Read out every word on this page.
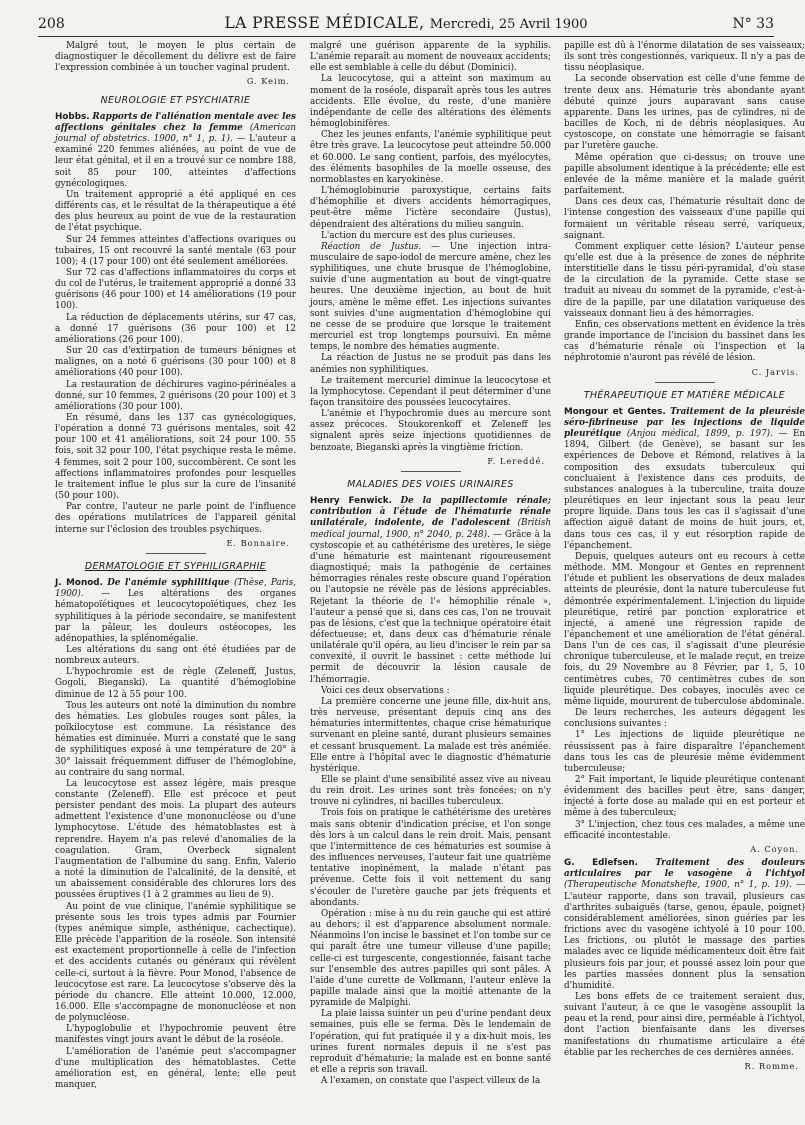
208	LA PRESSE MÉDICALE, Mercredi, 25 Avril 1900	N° 33

Malgré tout, le moyen le plus certain de diagnostiquer le décollement du délivre est de faire l'expression combinée à un toucher vaginal prudent.

G. Keim.

NEUROLOGIE ET PSYCHIATRIE

Hobbs. Rapports de l'aliénation mentale avec les affections génitales chez la femme (American journal of obstetrics. 1900, n° 1, p. 1). — L'auteur a examiné 220 femmes aliénées, au point de vue de leur état génital, et il en a trouvé sur ce nombre 188, soit 85 pour 100, atteintes d'affections gynécologiques.

Un traitement approprié a été appliqué en ces différents cas, et le résultat de la thérapeutique a été des plus heureux au point de vue de la restauration de l'état psychique.

Sur 24 femmes atteintes d'affections ovariques ou tubaires, 15 ont recouvré la santé mentale (63 pour 100); 4 (17 pour 100) ont été seulement améliorées.

Sur 72 cas d'affections inflammatoires du corps et du col de l'utérus, le traitement approprié a donné 33 guérisons (46 pour 100) et 14 améliorations (19 pour 100).

La réduction de déplacements utérins, sur 47 cas, a donné 17 guérisons (36 pour 100) et 12 améliorations (26 pour 100).

Sur 20 cas d'extirpation de tumeurs bénignes et malignes, on a noté 6 guérisons (30 pour 100) et 8 améliorations (40 pour 100).

La restauration de déchirures vagino-périnéales a donné, sur 10 femmes, 2 guérisons (20 pour 100) et 3 améliorations (30 pour 100).

En résumé, dans les 137 cas gynécologiques, l'opération a donné 73 guérisons mentales, soit 42 pour 100 et 41 améliorations, soit 24 pour 100. 55 fois, soit 32 pour 100, l'état psychique resta le même. 4 femmes, soit 2 pour 100, succombèrent. Ce sont les affections inflammatoires profondes pour lesquelles le traitement influe le plus sur la cure de l'insanité (50 pour 100).

Par contre, l'auteur ne parle point de l'influence des opérations mutilatrices de l'appareil génital interne sur l'éclosion des troubles psychiques.

E. Bonnaire.

DERMATOLOGIE ET SYPHILIGRAPHIE

J. Monod. De l'anémie syphilitique (Thèse, Paris, 1900). — Les altérations des organes hématopoïétiques et leucocytopoïétiques, chez les syphilitiques à la période secondaire, se manifestent par la pâleur, les douleurs ostéocopes, les adénopathies, la splénomégalie.

Les altérations du sang ont été étudiées par de nombreux auteurs.

L'hypochromie est de règle (Zeleneff, Justus, Gogoli, Bieganski). La quantité d'hémoglobine diminue de 12 à 55 pour 100.

Tous les auteurs ont noté la diminution du nombre des hématies. Les globules rouges sont pâles, la poïkilocytose est commune. La résistance des hématies est diminuée. Murri a constaté que le sang de syphilitiques exposé à une température de 20° à 30° laissait fréquemment diffuser de l'hémoglobine, au contraire du sang normal.

La leucocytose est assez légère, mais presque constante (Zeleneff). Elle est précoce et peut persister pendant des mois. La plupart des auteurs admettent l'existence d'une mononucléose ou d'une lymphocytose. L'étude des hématoblastes est à reprendre. Hayem n'a pas relevé d'anomalies de la coagulation. Gram, Overbeck signalent l'augmentation de l'albumine du sang. Enfin, Valerio a noté la diminution de l'alcalinité, de la densité, et un abaissement considérable des chlorures lors des poussées éruptives (1 à 2 grammes au lieu de 9).

Au point de vue clinique, l'anémie syphilitique se présente sous les trois types admis par Fournier (types anémique simple, asthénique, cachectique). Elle précède l'apparition de la roséole. Son intensité est exactement proportionnelle à celle de l'infection et des accidents cutanés ou généraux qui révèlent celle-ci, surtout à la fièvre. Pour Monod, l'absence de leucocytose est rare. La leucocytose s'observe dès la période du chancre. Elle atteint 10.000, 12.000, 16.000. Elle s'accompagne de mononucléose et non de polynucléose.

L'hypoglobulie et l'hypochromie peuvent être manifestes vingt jours avant le début de la roséole.

L'amélioration de l'anémie peut s'accompagner d'une multiplication des hématoblastes. Cette amélioration est, en général, lente; elle peut manquer,

malgré une guérison apparente de la syphilis. L'anémie reparaît au moment de nouveaux accidents; elle est semblable à celle du début (Dominici).

La leucocytose, qui a atteint son maximum au moment de la roséole, disparaît après tous les autres accidents. Elle évolue, du reste, d'une manière indépendante de celle des altérations des éléments hémoglobinifères.

Chez les jeunes enfants, l'anémie syphilitique peut être très grave. La leucocytose peut atteindre 50.000 et 60.000. Le sang contient, parfois, des myélocytes, des éléments basophiles de la moelle osseuse, des normoblastes en karyokinèse.

L'hémoglobinurie paroxystique, certains faits d'hémophilie et divers accidents hémorragiques, peut-être même l'ictère secondaire (Justus), dépendraient des altérations du milieu sanguin.

L'action du mercure est des plus curieuses.

Réaction de Justus. — Une injection intra-musculaire de sapo-iodol de mercure amène, chez les syphilitiques, une chute brusque de l'hémoglobine, suivie d'une augmentation au bout de vingt-quatre heures. Une deuxième injection, au bout de huit jours, amène le même effet. Les injections suivantes sont suivies d'une augmentation d'hémoglobine qui ne cesse de se produire que lorsque le traitement mercuriel est trop longtemps poursuivi. En même temps, le nombre des hématies augmente.

La réaction de Justus ne se produit pas dans les anémies non syphilitiques.

Le traitement mercuriel diminue la leucocytose et la lymphocytose. Cependant il peut déterminer d'une façon transitoire des poussées leucocytaires.

L'anémie et l'hypochromie dues au mercure sont assez précoces. Stoukorenkoff et Zeleneff les signalent après seize injections quotidiennes de benzoate, Bieganski après la vingtième friction.

F. Lereddé.

MALADIES DES VOIES URINAIRES

Henry Fenwick. De la papillectomie rénale; contribution à l'étude de l'hématurie rénale unilatérale, indolente, de l'adolescent (British medical journal, 1900, n° 2040, p. 248). — Grâce à la cystoscopie et au cathétérisme des uretères, le siège d'une hématurie est maintenant rigoureusement diagnostiqué; mais la pathogénie de certaines hémorragies rénales reste obscure quand l'opération ou l'autopsie ne révèle pas de lésions appréciables. Rejetant la théorie de l'« hémophilie rénale », l'auteur a pensé que si, dans ces cas, l'on ne trouvait pas de lésions, c'est que la technique opératoire était défectueuse; et, dans deux cas d'hématurie rénale unilatérale qu'il opéra, au lieu d'inciser le rein par sa convexité, il ouvrit le bassinet : cette méthode lui permit de découvrir la lésion causale de l'hémorragie.

Voici ces deux observations :

La première concerne une jeune fille, dix-huit ans, très nerveuse, présentant depuis cinq ans des hématuries intermittentes, chaque crise hématurique survenant en pleine santé, durant plusieurs semaines et cessant brusquement. La malade est très anémiée. Elle entre à l'hôpital avec le diagnostic d'hématurie hystérique.

Elle se plaint d'une sensibilité assez vive au niveau du rein droit. Les urines sont très foncées; on n'y trouve ni cylindres, ni bacilles tuberculeux.

Trois fois on pratique le cathétérisme des uretères mais sans obtenir d'indication précise, et l'on songe dès lors à un calcul dans le rein droit. Mais, pensant que l'intermittence de ces hématuries est soumise à des influences nerveuses, l'auteur fait une quatrième tentative inopinément, la malade n'étant pas prévenue. Cette fois il voit nettement du sang s'écouler de l'uretère gauche par jets fréquents et abondants.

Opération : mise à nu du rein gauche qui est attiré au dehors; il est d'apparence absolument normale. Néanmoins l'on incise le bassinet et l'on tombe sur ce qui paraît être une tumeur villeuse d'une papille; celle-ci est turgescente, congestionnée, faisant tache sur l'ensemble des autres papilles qui sont pâles. A l'aide d'une curette de Volkmann, l'auteur enlève la papille malade ainsi que la moitié attenante de la pyramide de Malpighi.

La plaie laissa suinter un peu d'urine pendant deux semaines, puis elle se ferma. Dès le lendemain de l'opération, qui fut pratiquée il y a dix-huit mois, les urines furent normales depuis il ne s'est pas reproduit d'hématurie; la malade est en bonne santé et elle a repris son travail.

A l'examen, on constate que l'aspect villeux de la

papille est dû à l'énorme dilatation de ses vaisseaux; ils sont très congestionnés, variqueux. Il n'y a pas de tissu néoplasique.

La seconde observation est celle d'une femme de trente deux ans. Hématurie très abondante ayant débuté quinze jours auparavant sans cause apparente. Dans les urines, pas de cylindres, ni de bacilles de Koch, ni de débris néoplasiques. Au cystoscope, on constate une hémorragie se faisant par l'uretère gauche.

Même opération que ci-dessus; on trouve une papille absolument identique à la précédente; elle est enlevée de la même manière et la malade guérit parfaitement.

Dans ces deux cas, l'hématurie résultait donc de l'intense congestion des vaisseaux d'une papille qui formaient un véritable réseau serré, variqueux, saignant.

Comment expliquer cette lésion? L'auteur pense qu'elle est due à la présence de zones de néphrite interstitielle dans le tissu péri-pyramidal, d'où stase de la circulation de la pyramide. Cette stase se traduit au niveau du sommet de la pyramide, c'est-à-dire de la papille, par une dilatation variqueuse des vaisseaux donnant lieu à des hémorragies.

Enfin, ces observations mettent en évidence la très grande importance de l'incision du bassinet dans les cas d'hématurie rénale où l'inspection et la néphrotomie n'auront pas révélé de lésion.

C. Jarvis.

THÉRAPEUTIQUE ET MATIÈRE MÉDICALE

Mongour et Gentes. Traitement de la pleurésie séro-fibrineuse par les injections de liquide pleurétique (Anjou médical, 1899, p. 197). — En 1894, Gilbert (de Genève), se basant sur les expériences de Debove et Rémond, relatives à la composition des exsudats tuberculeux qui concluaient à l'existence dans ces produits, de substances analogues à la tuberculine, traita douze pleurétiques en leur injectant sous la peau leur propre liquide. Dans tous les cas il s'agissait d'une affection aiguë datant de moins de huit jours, et, dans tous ces cas, il y eut résorption rapide de l'épanchement.

Depuis, quelques auteurs ont eu recours à cette méthode. MM. Mongour et Gentes en reprennent l'étude et publient les observations de deux malades atteints de pleurésie, dont la nature tuberculeuse fut démontrée expérimentalement. L'injection du liquide pleurétique, retiré par ponction exploratrice et injecté, a amené une régression rapide de l'épanchement et une amélioration de l'état général. Dans l'un de ces cas, il s'agissait d'une pleurésie chronique tuberculeuse, et le malade reçut, en treize fois, du 29 Novembre au 8 Février, par 1, 5, 10 centimètres cubes, 70 centimètres cubes de son liquide pleurétique. Des cobayes, inoculés avec ce même liquide, moururent de tuberculose abdominale.

De leurs recherches, les auteurs dégagent les conclusions suivantes :

1° Les injections de liquide pleurétique ne réussissent pas à faire disparaître l'épanchement dans tous les cas de pleurésie même évidemment tuberculeuse;

2° Fait important, le liquide pleurétique contenant évidemment des bacilles peut être, sans danger, injecté à forte dose au malade qui en est porteur et même à des tuberculeux;

3° L'injection, chez tous ces malades, a même une efficacité incontestable.

A. Coyon.

G. Edlefsen. Traitement des douleurs articulaires par le vasogène à l'ichtyol (Therapeutische Monatshefte, 1900, n° 1, p. 19). — L'auteur rapporte, dans son travail, plusieurs cas d'arthrites subaiguës (tarse, genou, épaule, poignet) considérablement améliorées, sinon guéries par les frictions avec du vasogène ichtyolé à 10 pour 100. Les frictions, ou plutôt le massage des parties malades avec ce liquide médicamenteux doit être fait plusieurs fois par jour, et poussé assez loin pour que les parties massées donnent plus la sensation d'humidité.

Les bons effets de ce traitement seraient dus, suivant l'auteur, à ce que le vasogène assouplit la peau et la rend, pour ainsi dire, perméable à l'ichtyol, dont l'action bienfaisante dans les diverses manifestations du rhumatisme articulaire a été établie par les recherches de ces dernières années.

R. Romme.
